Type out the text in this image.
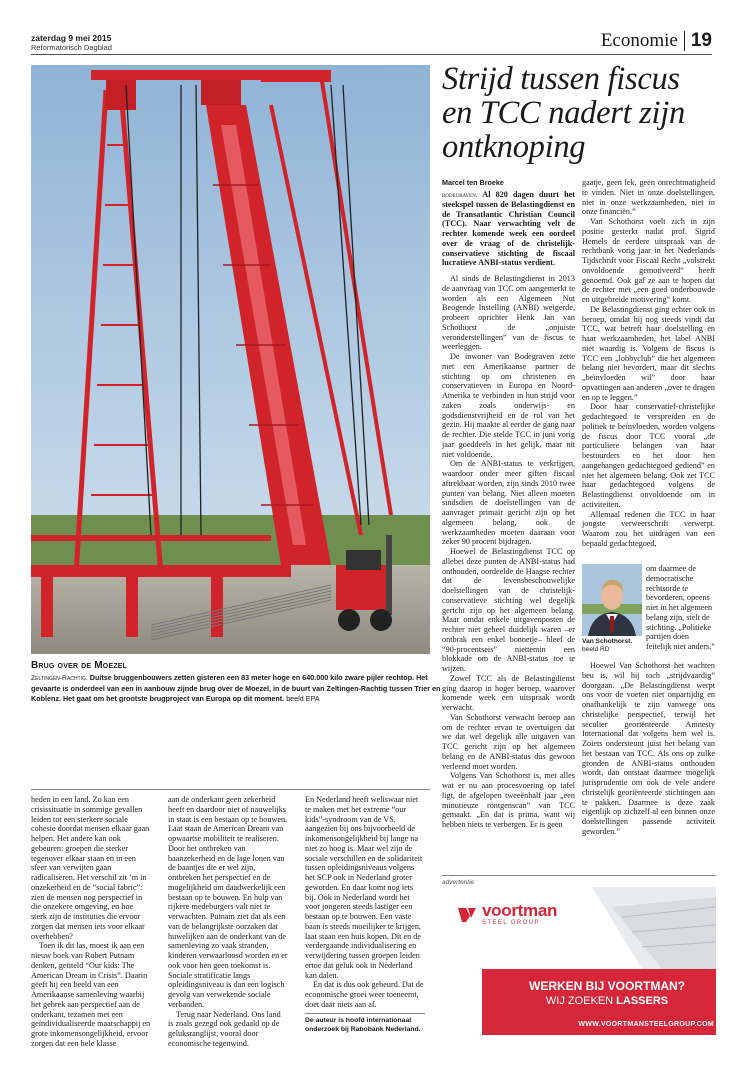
zaterdag 9 mei 2015
Reformatorisch Dagblad	Economie 19
Brug over de Moezel
Zeltingen-Rachtig. Duitse bruggenbouwers zetten gisteren een 83 meter hoge en 640.000 kilo zware pijler rechtop. Het gevaarte is onderdeel van een in aanbouw zijnde brug over de Moezel, in de buurt van Zeltingen-Rachtig tussen Trier en Koblenz. Het gaat om het grootste brugproject van Europa op dit moment. beeld EPA
Strijd tussen fiscus en TCC nadert zijn ontknoping
Marcel ten Broeke

bodegraven. Al 820 dagen duurt het steekspel tussen de Belastingdienst en de Transatlantic Christian Council (TCC). Naar verwachting velt de rechter komende week een oordeel over de vraag of de christelijk-conservatieve stichting de fiscaal lucratieve ANBI-status verdient.

Al sinds de Belastingdienst in 2013 de aanvraag van TCC om aangemerkt te worden als een Algemeen Nut Beogende Instelling (ANBI) weigerde, probeert oprichter Henk Jan van Schothorst de „onjuiste veronderstellingen” van de fiscus te weerleggen.

De inwoner van Bodegraven zette met een Amerikaanse partner de stichting op om christenen en conservatieven in Europa en Noord-Amerika te verbinden in hun strijd voor zaken zoals onderwijs- en godsdienstvrijheid en de rol van het gezin. Hij maakte al eerder de gang naar de rechter. Die stelde TCC in juni vorig jaar goeddeels in het gelijk, maar nit niet voldoende.

Om de ANBI-status te verkrijgen, waardoor onder meer giften fiscaal aftrekbaar worden, zijn sinds 2010 twee punten van belang. Niet alleen moeten sindsdien de doelstellingen van de aanvrager primair gericht zijn op het algemeen belang, ook de werkzaamheden moeten daaraan voor zeker 90 procent bijdragen.

Hoewel de Belastingdienst TCC op allebei deze punten de ANBI-status had onthouden, oordeelde de Haagse rechter dat de levensbeschouwelijke doelstellingen van de christelijk-conservatieve stichting wel degelijk gericht zijn op het algemeen belang. Maar omdat enkele uitgavenposten de rechter niet geheel duidelijk waren –er ontbrak een enkel bonnetje– bleef de “90-procentseis” niettemin een blokkade om de ANBI-status toe te wijzen.

Zowel TCC als de Belastingdienst ging daarop in hoger beroep, waarover komende week een uitspraak wordt verwacht.

Van Schothorst verwacht beroep aan om de rechter ervan te overtuigen dat we dat wel degelijk alle uitgaven van TCC gericht zijn op het algemeen belang en de ANBI-status dus gewoon verleend moet worden.

Volgens Van Schothorst is, met alles wat er nu aan procesvoering op tafel ligt, de afgelopen tweeënhalf jaar „een minutieuze röntgenscan” van TCC gemaakt. „En dat is prima, want wij hebben niets te verbergen. Er is geen

gaatje, geen lek, geen onrechtmatigheid te vinden. Niet in onze doelstellingen, niet in onze werkzaamheden, niet in onze financiën.”

Van Schothorst voelt zich in zijn positie gesterkt nadat prof. Sigrid Hemels de eerdere uitspraak van de rechtbank vorig jaar in het Nederlands Tijdschrift voor Fiscaal Recht „volstrekt onvoldoende gemotiveerd” heeft genoemd. Ook gaf ze aan te hopen dat de rechter met „een goed onderbouwde en uitgebreide motivering” komt.

De Belastingdienst ging echter ook in beroep, omdat hij nog steeds vindt dat TCC, wat betreft haar doelstelling en haar werkzaamheden, het label ANBI niet waardig is. Volgens de fiscus is TCC een „lobbyclub” die het algemeen belang niet bevordert, maar dit slechts „beïnvloeden wil” door haar opvattingen aan anderen „over te dragen en op te leggen.”

Door haar conservatief-christelijke gedachtegoed te verspreiden en de politiek te beïnvloeden, worden volgens de fiscus door TCC vooral „de particuliere belangen van haar bestuurders en het door hen aangehangen gedachtegoed gediend” en niet het algemeen belang. Ook zet TCC haar gedachtegoed volgens de Belastingdienst onvoldoende om in activiteiten.

Allemaal redenen die TCC in haar jongste verweerschrift verwerpt. Waarom zou het uitdragen van een bepaald gedachtegoed,

Van Schothorst. beeld RD
om daarmee de democratische rechtsorde te bevorderen, opeens niet in het algemeen belang zijn, stelt de stichting. „Politieke partijen doen feitelijk niet anders.”

Hoewel Van Schothorst het wachten beu is, wil hij toch „strijdvaardig” doorgaan. „De Belastingdienst werpt ons voor de voeten niet onpartijdig en onafhankelijk te zijn vanwege ons christelijke perspectief, terwijl het seculier georiënteerde Amnesty International dat volgens hem wel is. Zoiets ondersteunt juist het belang van het bestaan van TCC. Als ons op zulke gronden de ANBI-status onthouden wordt, dan ontstaat daarmee mogelijk jurisprudentie om ook de vele andere christelijk georiënteerde stichtingen aan te pakken. Daarmee is deze zaak eigenlijk op zichzelf al een binnen onze doelstellingen passende activiteit geworden.”

heden in een land. Zo kan een crisissituatie in sommige gevallen leiden tot een sterkere sociale cohesie doordat mensen elkaar gaan helpen. Het andere kan ook gebeuren: groepen die sterker tegenover elkaar staan en in een sfeer van verwijten gaan radicaliseren. Het verschil zit ’m in onzekerheid en de “social fabric”: zien de mensen nog perspectief in die onzekere omgeving, en hoe sterk zijn de instituties die ervoor zorgen dat mensen iets voor elkaar overhebben?

Toen ik dit las, moest ik aan een nieuw boek van Robert Putnam denken, getiteld “Our kids: The American Dream in Crisis”. Daarin geeft hij een beeld van een Amerikaanse samenleving waarbij het gebrek aan perspectief aan de onderkant, tezamen met een geïndividualiseerde maatschappij en grote inkomensongelijkheid, ervoor zorgen dat een hele klasse

aan de onderkant geen zekerheid heeft en daardoor niet of nauwelijks in staat is een bestaan op te bouwen. Laat staan de American Dream van opwaartse mobiliteit te realiseren. Door het ontbreken van baanzekerheid en de lage lonen van de baantjes die er wel zijn, ontbreken het perspectief en de mogelijkheid om daadwerkelijk een bestaan op te bouwen. En hulp van rijkere medeburgers valt niet te verwachten. Putnam ziet dat als een van de belangrijkste oorzaken dat huwelijken aan de onderkant van de samenleving zo vaak stranden, kinderen verwaarloosd worden en er ook voor hen geen toekomst is. Sociale stratificatie langs opleidingsniveau is dan een logisch gevolg van verwekende sociale verbanden.

Terug naar Nederland. Ons land is zoals gezegd ook gedaald op de geluksranglijst, vooral door economische tegenwind.

En Nederland heeft weliswaar niet te maken met het extreme “our kids”-syndroom van de VS, aangezien bij ons bijvoorbeeld de inkomensongelijkheid bij lange na niet zo hoog is. Maar wel zijn de sociale verschillen en de solidariteit tussen opleidingsniveaus volgens het SCP ook in Nederland groter geworden. En daar komt nog iets bij. Ook in Nederland wordt het voor jongeren steeds lastiger een bestaan op te bouwen. Een vaste baan is steeds moeilijker te krijgen, laat staan een huis kopen. Dit en de verdergaande individualisering en verwijdering tussen groepen leiden ertoe dat geluk ook in Nederland kan dalen.

En dat is dus ook gebeurd. Dat de economische groei weer toeneemt, doet daar niets aan af.

De auteur is hoofd internationaal onderzoek bij Rabobank Nederland.

advertentie
voortman
STEEL GROUP
WERKEN BIJ VOORTMAN?
WIJ ZOEKEN LASSERS
WWW.VOORTMANSTEELGROUP.COM
